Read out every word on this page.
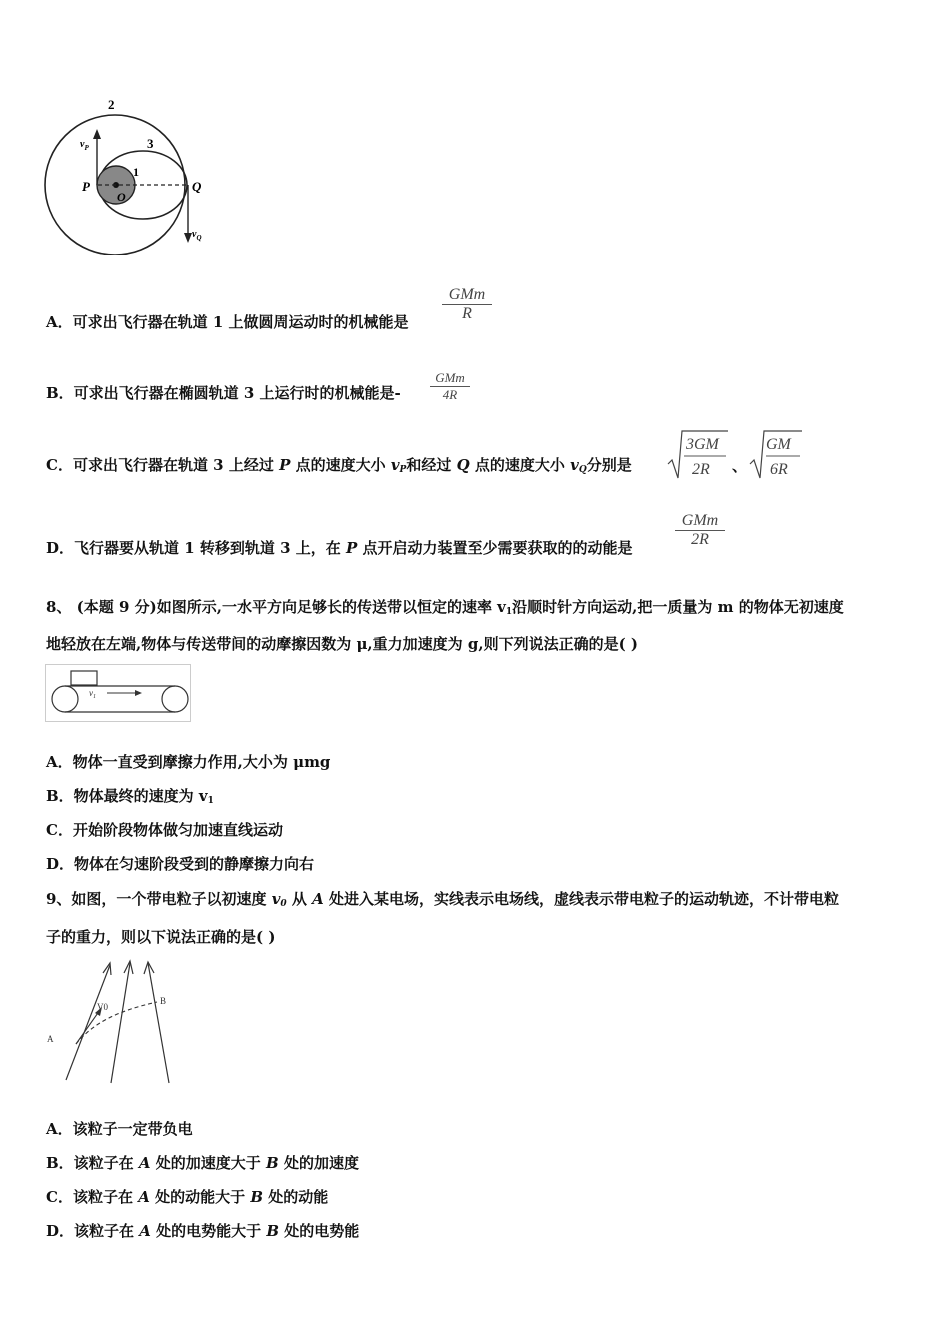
2
3
1
P	Q
O
$v_P$
$v_Q$
A．可求出飞行器在轨道 1 上做圆周运动时的机械能是
GMm
R
B．可求出飞行器在椭圆轨道 3 上运行时的机械能是-
GMm
4R
C．可求出飞行器在轨道 3 上经过 P 点的速度大小 $v_P$和经过 Q 点的速度大小 $v_Q$分别是
3GM
2R 、
GM
6R
D．飞行器要从轨道 1 转移到轨道 3 上，在 P 点开启动力装置至少需要获取的的动能是
GMm
2R
8、 (本题 9 分)如图所示,一水平方向足够长的传送带以恒定的速率 $v_1$沿顺时针方向运动,把一质量为 m 的物体无初速度
地轻放在左端,物体与传送带间的动摩擦因数为 μ,重力加速度为 g,则下列说法正确的是( )
$v_1$
A．物体一直受到摩擦力作用,大小为 μmg
B．物体最终的速度为 $v_1$
C．开始阶段物体做匀加速直线运动
D．物体在匀速阶段受到的静摩擦力向右
9、如图，一个带电粒子以初速度 $v_0$ 从 A 处进入某电场，实线表示电场线，虚线表示带电粒子的运动轨迹，不计带电粒
子的重力，则以下说法正确的是( )
A
V0
B
A．该粒子一定带负电
B．该粒子在 A 处的加速度大于 B 处的加速度
C．该粒子在 A 处的动能大于 B 处的动能
D．该粒子在 A 处的电势能大于 B 处的电势能
